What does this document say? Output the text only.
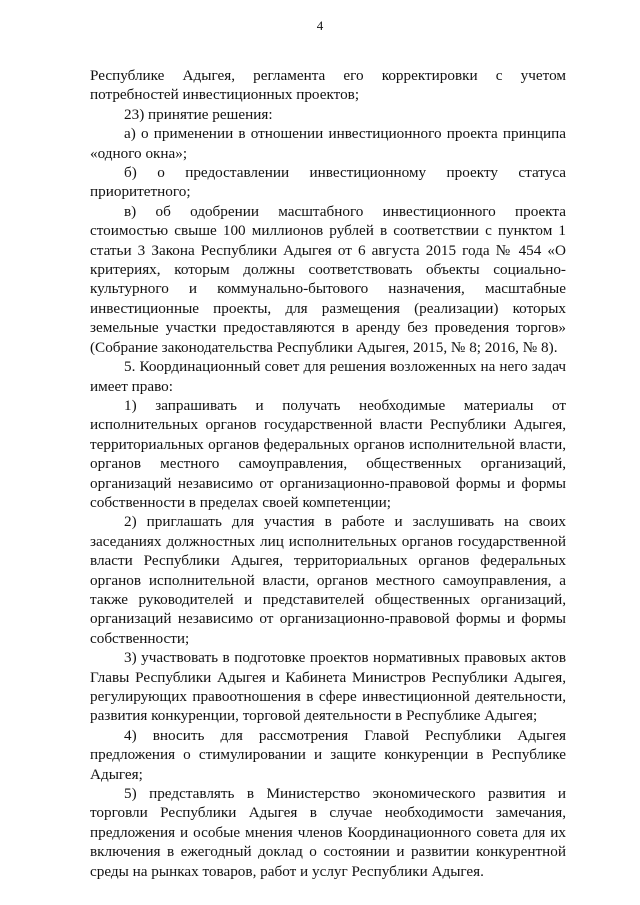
4

Республике Адыгея, регламента его корректировки с учетом потребностей инвестиционных проектов;

23) принятие решения:

а) о применении в отношении инвестиционного проекта принципа «одного окна»;

б) о предоставлении инвестиционному проекту статуса приоритетного;

в) об одобрении масштабного инвестиционного проекта стоимостью свыше 100 миллионов рублей в соответствии с пунктом 1 статьи 3 Закона Республики Адыгея от 6 августа 2015 года № 454 «О критериях, которым должны соответствовать объекты социально-культурного и коммунально-бытового назначения, масштабные инвестиционные проекты, для размещения (реализации) которых земельные участки предоставляются в аренду без проведения торгов» (Собрание законодательства Республики Адыгея, 2015, № 8; 2016, № 8).

5. Координационный совет для решения возложенных на него задач имеет право:

1) запрашивать и получать необходимые материалы от исполнительных органов государственной власти Республики Адыгея, территориальных органов федеральных органов исполнительной власти, органов местного самоуправления, общественных организаций, организаций независимо от организационно-правовой формы и формы собственности в пределах своей компетенции;

2) приглашать для участия в работе и заслушивать на своих заседаниях должностных лиц исполнительных органов государственной власти Республики Адыгея, территориальных органов федеральных органов исполнительной власти, органов местного самоуправления, а также руководителей и представителей общественных организаций, организаций независимо от организационно-правовой формы и формы собственности;

3) участвовать в подготовке проектов нормативных правовых актов Главы Республики Адыгея и Кабинета Министров Республики Адыгея, регулирующих правоотношения в сфере инвестиционной деятельности, развития конкуренции, торговой деятельности в Республике Адыгея;

4) вносить для рассмотрения Главой Республики Адыгея предложения о стимулировании и защите конкуренции в Республике Адыгея;

5) представлять в Министерство экономического развития и торговли Республики Адыгея в случае необходимости замечания, предложения и особые мнения членов Координационного совета для их включения в ежегодный доклад о состоянии и развитии конкурентной среды на рынках товаров, работ и услуг Республики Адыгея.
